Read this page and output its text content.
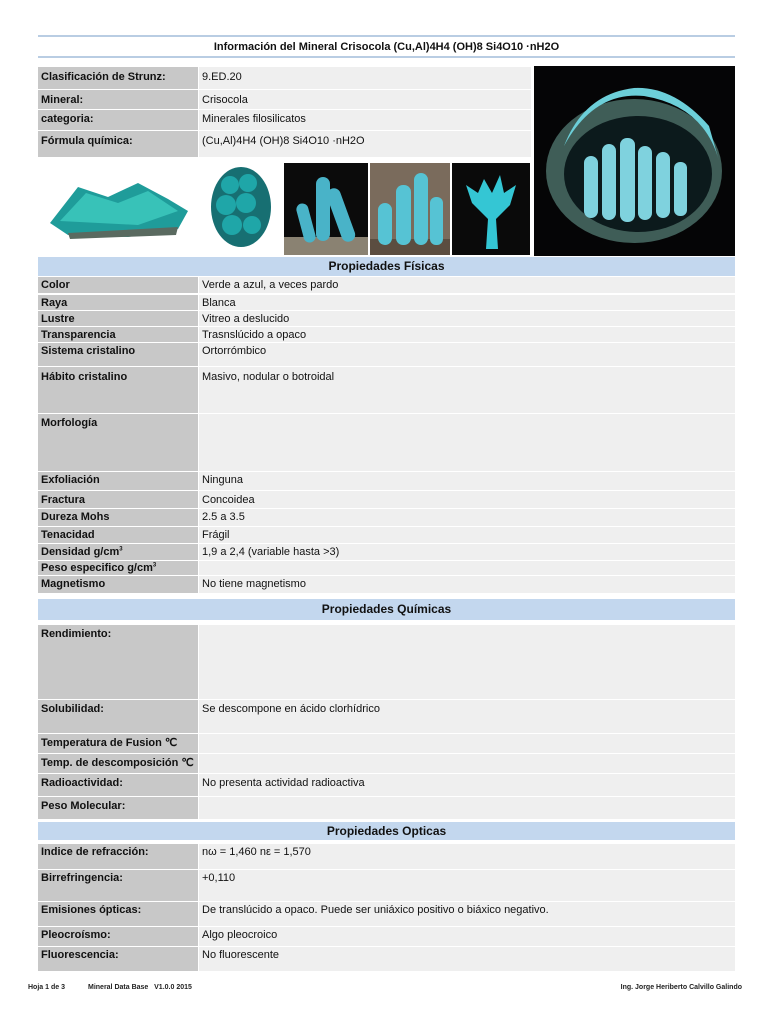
Información del Mineral Crisocola (Cu,Al)4H4 (OH)8 Si4O10 ·nH2O
Clasificación de Strunz:	9.ED.20
Mineral:	Crisocola
categoria:	Minerales filosilicatos
Fórmula química:	(Cu,Al)4H4 (OH)8 Si4O10 ·nH2O
Propiedades Físicas
Color	Verde a azul, a veces pardo
Raya	Blanca
Lustre	Vitreo a deslucido
Transparencia	Trasnslúcido a opaco
Sistema cristalino	Ortorrómbico
Hábito cristalino	Masivo, nodular o botroidal
Morfología
Exfoliación	Ninguna
Fractura	Concoidea
Dureza Mohs	2.5 a 3.5
Tenacidad	Frágil
Densidad $g/cm^3$	1,9 a 2,4 (variable hasta >3)
Peso especifico $g/cm^3$
Magnetismo	No tiene magnetismo
Propiedades Químicas
Rendimiento:
Solubilidad:	Se descompone en ácido clorhídrico
Temperatura de Fusion ℃
Temp. de descomposición ℃
Radioactividad:	No presenta actividad radioactiva
Peso Molecular:
Propiedades Opticas
Indice de refracción:	nω = 1,460 nε = 1,570
Birrefringencia:	+0,110
Emisiones ópticas:	De translúcido a opaco. Puede ser uniáxico positivo o biáxico negativo.
Pleocroísmo:	Algo pleocroico
Fluorescencia:	No fluorescente
Hoja 1 de 3	Mineral Data Base   V1.0.0 2015	Ing. Jorge Heriberto Calvillo Galindo
